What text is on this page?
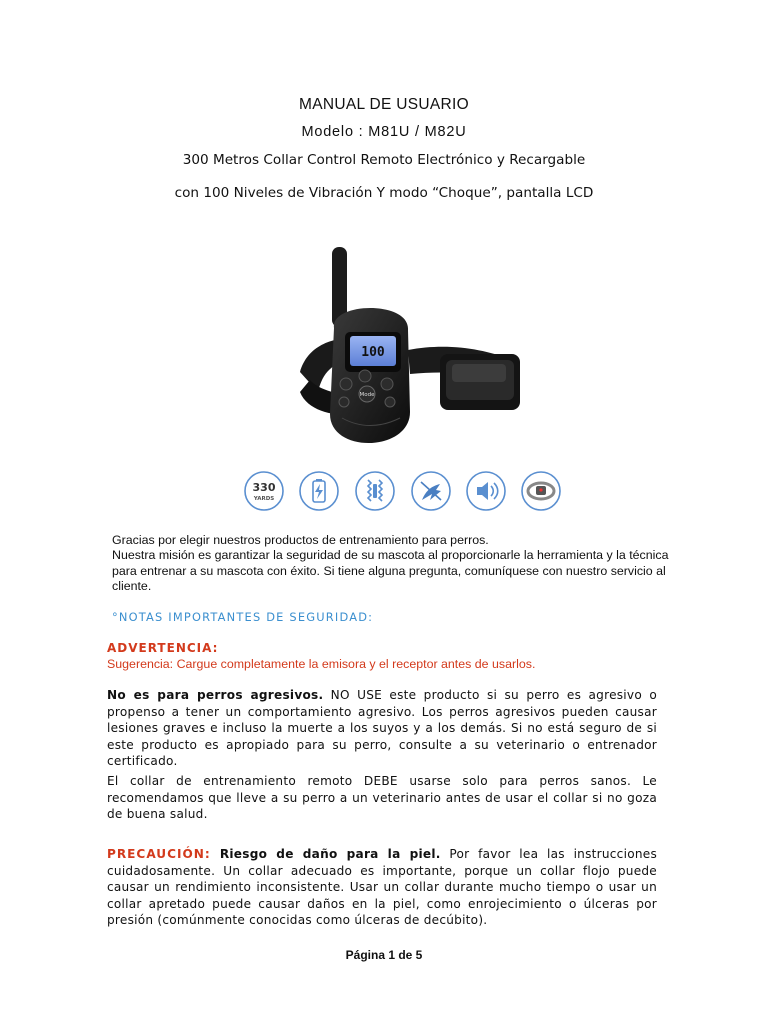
MANUAL DE USUARIO
Modelo : M81U / M82U
300 Metros Collar Control Remoto Electrónico y Recargable
con 100 Niveles de Vibración Y modo “Choque”, pantalla LCD
100
Mode
330
YARDS

Gracias por elegir nuestros productos de entrenamiento para perros.

Nuestra misión es garantizar la seguridad de su mascota al proporcionarle la herramienta y la técnica para entrenar a su mascota con éxito. Si tiene alguna pregunta, comuníquese con nuestro servicio al cliente.

°NOTAS IMPORTANTES DE SEGURIDAD:
ADVERTENCIA:
Sugerencia: Cargue completamente la emisora y el receptor antes de usarlos.

No es para perros agresivos. NO USE este producto si su perro es agresivo o propenso a tener un comportamiento agresivo. Los perros agresivos pueden causar lesiones graves e incluso la muerte a los suyos y a los demás. Si no está seguro de si este producto es apropiado para su perro, consulte a su veterinario o entrenador certificado.

El collar de entrenamiento remoto DEBE usarse solo para perros sanos. Le recomendamos que lleve a su perro a un veterinario antes de usar el collar si no goza de buena salud.

PRECAUCIÓN: Riesgo de daño para la piel. Por favor lea las instrucciones cuidadosamente. Un collar adecuado es importante, porque un collar flojo puede causar un rendimiento inconsistente. Usar un collar durante mucho tiempo o usar un collar apretado puede causar daños en la piel, como enrojecimiento o úlceras por presión (comúnmente conocidas como úlceras de decúbito).

Página 1 de 5
